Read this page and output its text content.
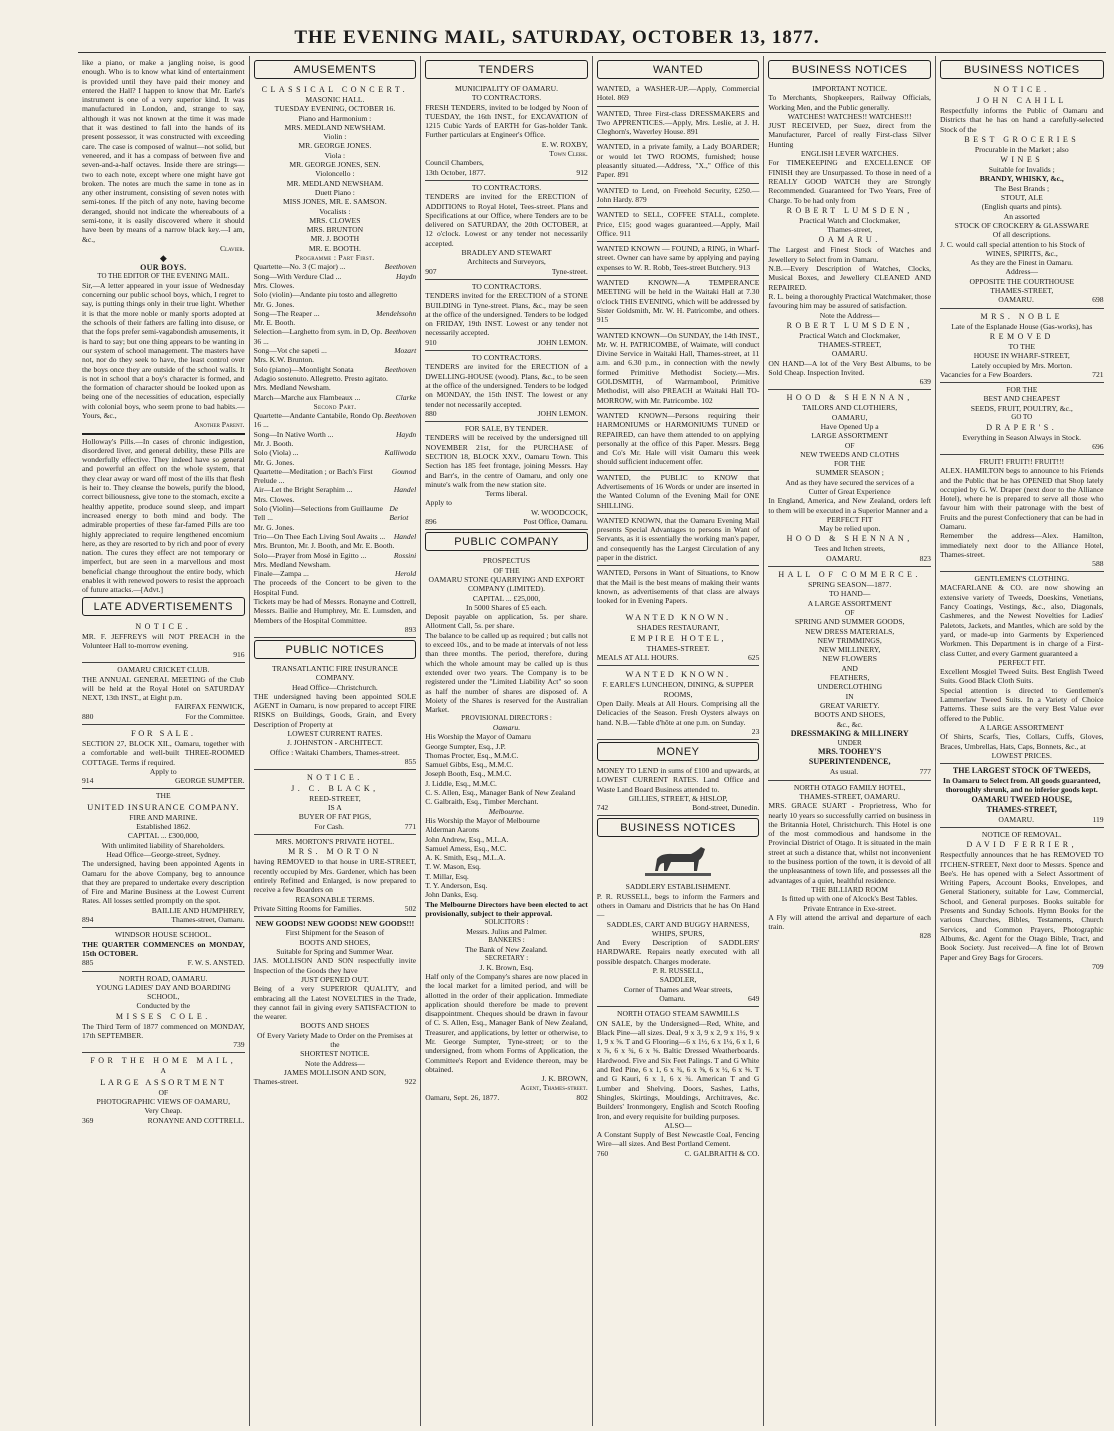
THE EVENING MAIL, SATURDAY, OCTOBER 13, 1877.

like a piano, or make a jangling noise, is good enough. Who is to know what kind of entertainment is provided until they have paid their money and entered the Hall? I happen to know that Mr. Earle's instrument is one of a very superior kind. It was manufactured in London, and, strange to say, although it was not known at the time it was made that it was destined to fall into the hands of its present possessor, it was constructed with exceeding care. The case is composed of walnut—not solid, but veneered, and it has a compass of between five and seven-and-a-half octaves. Inside there are strings—two to each note, except where one might have got broken. The notes are much the same in tone as in any other instrument, consisting of seven notes with semi-tones. If the pitch of any note, having become deranged, should not indicate the whereabouts of a semi-tone, it is easily discovered where it should have been by means of a narrow black key.—I am, &c.,

Clavier.
◆
OUR BOYS.
TO THE EDITOR OF THE EVENING MAIL.

Sir,—A letter appeared in your issue of Wednesday concerning our public school boys, which, I regret to say, is putting things only in their true light. Whether it is that the more noble or manly sports adopted at the schools of their fathers are falling into disuse, or that the fops prefer semi-vagabondish amusements, it is hard to say; but one thing appears to be wanting in our system of school management. The masters have not, nor do they seek to have, the least control over the boys once they are outside of the school walls. It is not in school that a boy's character is formed, and the formation of character should be looked upon as being one of the necessities of education, especially with colonial boys, who seem prone to bad habits.—Yours, &c.,

Another Parent.

Holloway's Pills.—In cases of chronic indigestion, disordered liver, and general debility, these Pills are wonderfully effective. They indeed have so general and powerful an effect on the whole system, that they clear away or ward off most of the ills that flesh is heir to. They cleanse the bowels, purify the blood, correct biliousness, give tone to the stomach, excite a healthy appetite, produce sound sleep, and impart increased energy to both mind and body. The admirable properties of these far-famed Pills are too highly appreciated to require lengthened encomium here, as they are resorted to by rich and poor of every nation. The cures they effect are not temporary or imperfect, but are seen in a marvellous and most beneficial change throughout the entire body, which enables it with renewed powers to resist the approach of future attacks.—[Advt.]

LATE ADVERTISEMENTS
NOTICE.

MR. F. JEFFREYS will NOT PREACH in the Volunteer Hall to-morrow evening.

916
OAMARU CRICKET CLUB.

THE ANNUAL GENERAL MEETING of the Club will be held at the Royal Hotel on SATURDAY NEXT, 13th INST., at Eight p.m.

FAIRFAX FENWICK,
880	For the Committee.
FOR SALE.

SECTION 27, BLOCK XII., Oamaru, together with a comfortable and well-built THREE-ROOMED COTTAGE. Terms if required.

Apply to
914	GEORGE SUMPTER.
THE
UNITED INSURANCE COMPANY.
FIRE AND MARINE.
Established 1862.
CAPITAL ... £300,000,
With unlimited liability of Shareholders.
Head Office—George-street, Sydney.

The undersigned, having been appointed Agents in Oamaru for the above Company, beg to announce that they are prepared to undertake every description of Fire and Marine Business at the Lowest Current Rates. All losses settled promptly on the spot.

BAILLIE AND HUMPHREY,
894	Thames-street, Oamaru.
WINDSOR HOUSE SCHOOL.

THE QUARTER COMMENCES on MONDAY, 15th OCTOBER.

885	F. W. S. ANSTED.
NORTH ROAD, OAMARU.
YOUNG LADIES' DAY AND BOARDING SCHOOL,
Conducted by the
MISSES COLE.

The Third Term of 1877 commenced on MONDAY, 17th SEPTEMBER.

739
FOR THE HOME MAIL,
A
LARGE ASSORTMENT
OF
PHOTOGRAPHIC VIEWS OF OAMARU,
Very Cheap.
369	RONAYNE AND COTTRELL.
AMUSEMENTS
CLASSICAL CONCERT.
MASONIC HALL.
TUESDAY EVENING, OCTOBER 16.
Piano and Harmonium :
MRS. MEDLAND NEWSHAM.
Violin :
MR. GEORGE JONES.
Viola :
MR. GEORGE JONES, SEN.
Violoncello :
MR. MEDLAND NEWSHAM.
Duett Piano :
MISS JONES, MR. E. SAMSON.
Vocalists :
MRS. CLOWES
MRS. BRUNTON
MR. J. BOOTH
MR. E. BOOTH.
Programme : Part First.
Quartette—No. 3 (C major) ...	Beethoven
Song—With Verdure Clad ...	Haydn
Mrs. Clowes.
Solo (violin)—Andante piu tosto and allegretto
Mr. G. Jones.
Song—The Reaper ...	Mendelssohn
Mr. E. Booth.
Selection—Larghetto from sym. in D, Op. 36 ...
Beethoven
Song—Vot che sapeti ...	Mozart
Mrs. K.W. Brunton.
Solo (piano)—Moonlight Sonata	Beethoven
Adagio sostenuto. Allegretto. Presto agitato.
Mrs. Medland Newsham.
March—Marche aux Flambeaux ...	Clarke
Second Part.
Quartette—Andante Cantabile, Rondo Op. 16 ...
Beethoven
Song—In Native Worth ...	Haydn
Mr. J. Booth.
Solo (Viola) ...	Kalliwoda
Mr. G. Jones.
Quartette—Meditation ; or Bach's First Prelude ...
Gounod
Air—Let the Bright Seraphim ...	Handel
Mrs. Clowes.
Solo (Violin)—Selections from Guillaume Tell ...
De Beriot
Mr. G. Jones.
Trio—On Thee Each Living Soul Awaits ... Handel
Mrs. Brunton, Mr. J. Booth, and Mr. E. Booth.
Solo—Prayer from Mosé in Egitto ...	Rossini
Mrs. Medland Newsham.
Finale—Zampa ...	Herold

The proceeds of the Concert to be given to the Hospital Fund.

Tickets may be had of Messrs. Ronayne and Cottrell, Messrs. Bailie and Humphrey, Mr. E. Lumsden, and Members of the Hospital Committee.

893
PUBLIC NOTICES
TRANSATLANTIC FIRE INSURANCE COMPANY.
Head Office—Christchurch.

THE undersigned having been appointed SOLE AGENT in Oamaru, is now prepared to accept FIRE RISKS on Buildings, Goods, Grain, and Every Description of Property at

LOWEST CURRENT RATES.
J. JOHNSTON - ARCHITECT.
Office : Waitaki Chambers, Thames-street.
855
NOTICE.
J. C. BLACK,
REED-STREET,
IS A
BUYER OF FAT PIGS,
For Cash.	771
MRS. MORTON'S PRIVATE HOTEL.
MRS. MORTON

having REMOVED to that house in URE-STREET, recently occupied by Mrs. Gardener, which has been entirely Refitted and Enlarged, is now prepared to receive a few Boarders on

REASONABLE TERMS.
Private Sitting Rooms for Families.	502
NEW GOODS! NEW GOODS! NEW GOODS!!!
First Shipment for the Season of
BOOTS AND SHOES,
Suitable for Spring and Summer Wear.

JAS. MOLLISON AND SON respectfully invite Inspection of the Goods they have

JUST OPENED OUT.

Being of a very SUPERIOR QUALITY, and embracing all the Latest NOVELTIES in the Trade, they cannot fail in giving every SATISFACTION to the wearer.

BOOTS AND SHOES
Of Every Variety Made to Order on the Premises at the
SHORTEST NOTICE.
Note the Address—
JAMES MOLLISON AND SON,
Thames-street.	922
TENDERS
MUNICIPALITY OF OAMARU.
TO CONTRACTORS.

FRESH TENDERS, invited to be lodged by Noon of TUESDAY, the 16th INST., for EXCAVATION of 1215 Cubic Yards of EARTH for Gas-holder Tank. Further particulars at Engineer's Office.

E. W. ROXBY,
Town Clerk.
Council Chambers,
13th October, 1877.	912
TO CONTRACTORS.

TENDERS are invited for the ERECTION of ADDITIONS to Royal Hotel, Tees-street. Plans and Specifications at our Office, where Tenders are to be delivered on SATURDAY, the 20th OCTOBER, at 12 o'clock. Lowest or any tender not necessarily accepted.

BRADLEY AND STEWART
Architects and Surveyors,
907	Tyne-street.
TO CONTRACTORS.

TENDERS invited for the ERECTION of a STONE BUILDING in Tyne-street. Plans, &c., may be seen at the office of the undersigned. Tenders to be lodged on FRIDAY, 19th INST. Lowest or any tender not necessarily accepted.

910	JOHN LEMON.
TO CONTRACTORS.

TENDERS are invited for the ERECTION of a DWELLING-HOUSE (wood). Plans, &c., to be seen at the office of the undersigned. Tenders to be lodged on MONDAY, the 15th INST. The lowest or any tender not necessarily accepted.

880	JOHN LEMON.
FOR SALE, BY TENDER.

TENDERS will be received by the undersigned till NOVEMBER 21st, for the PURCHASE of SECTION 18, BLOCK XXV., Oamaru Town. This Section has 185 feet frontage, joining Messrs. Hay and Barr's, in the centre of Oamaru, and only one minute's walk from the new station site.

Terms liberal.
Apply to
W. WOODCOCK,
896	Post Office, Oamaru.
PUBLIC COMPANY
PROSPECTUS
OF THE
OAMARU STONE QUARRYING AND EXPORT COMPANY (LIMITED).
CAPITAL ... £25,000,
In 5000 Shares of £5 each.

Deposit payable on application, 5s. per share. Allotment Call, 5s. per share.

The balance to be called up as required ; but calls not to exceed 10s., and to be made at intervals of not less than three months. The period, therefore, during which the whole amount may be called up is thus extended over two years. The Company is to be registered under the "Limited Liability Act" so soon as half the number of shares are disposed of. A Moiety of the Shares is reserved for the Australian Market.

PROVISIONAL DIRECTORS :
Oamaru.
His Worship the Mayor of Oamaru
George Sumpter, Esq., J.P.
Thomas Procter, Esq., M.M.C.
Samuel Gibbs, Esq., M.M.C.
Joseph Booth, Esq., M.M.C.
J. Liddle, Esq., M.M.C.
C. S. Allen, Esq., Manager Bank of New Zealand
C. Galbraith, Esq., Timber Merchant.
Melbourne.
His Worship the Mayor of Melbourne
Alderman Aarons
John Andrew, Esq., M.L.A.
Samuel Amess, Esq., M.C.
A. K. Smith, Esq., M.L.A.
T. W. Mason, Esq.
T. Millar, Esq.
T. Y. Anderson, Esq.
John Danks, Esq.

The Melbourne Directors have been elected to act provisionally, subject to their approval.

SOLICITORS :
Messrs. Julius and Palmer.
BANKERS :
The Bank of New Zealand.
SECRETARY :
J. K. Brown, Esq.

Half only of the Company's shares are now placed in the local market for a limited period, and will be allotted in the order of their application. Immediate application should therefore be made to prevent disappointment. Cheques should be drawn in favour of C. S. Allen, Esq., Manager Bank of New Zealand, Treasurer, and applications, by letter or otherwise, to Mr. George Sumpter, Tyne-street; or to the undersigned, from whom Forms of Application, the Committee's Report and Evidence thereon, may be obtained.

J. K. BROWN,
Agent, Thames-street.
Oamaru, Sept. 26, 1877.	802
WANTED

WANTED, a WASHER-UP.—Apply, Commercial Hotel. 869

WANTED, Three First-class DRESSMAKERS and Two APPRENTICES.—Apply, Mrs. Leslie, at J. H. Cleghorn's, Waverley House. 891

WANTED, in a private family, a Lady BOARDER; or would let TWO ROOMS, furnished; house pleasantly situated.—Address, "X.," Office of this Paper. 891

WANTED to Lend, on Freehold Security, £250.—John Hardy. 879

WANTED to SELL, COFFEE STALL, complete. Price, £15; good wages guaranteed.—Apply, Mail Office. 911

WANTED KNOWN — FOUND, a RING, in Wharf-street. Owner can have same by applying and paying expenses to W. R. Robb, Tees-street Butchery. 913

WANTED KNOWN—A TEMPERANCE MEETING will be held in the Waitaki Hall at 7.30 o'clock THIS EVENING, which will be addressed by Sister Goldsmith, Mr. W. H. Patricombe, and others. 915

WANTED KNOWN—On SUNDAY, the 14th INST., Mr. W. H. PATRICOMBE, of Waimate, will conduct Divine Service in Waitaki Hall, Thames-street, at 11 a.m. and 6.30 p.m., in connection with the newly formed Primitive Methodist Society.—Mrs. GOLDSMITH, of Warrnambool, Primitive Methodist, will also PREACH at Waitaki Hall TO-MORROW, with Mr. Patricombe. 102

WANTED KNOWN—Persons requiring their HARMONIUMS or HARMONIUMS TUNED or REPAIRED, can have them attended to on applying personally at the office of this Paper. Messrs. Begg and Co's Mr. Hale will visit Oamaru this week should sufficient inducement offer.

WANTED, the PUBLIC to KNOW that Advertisements of 16 Words or under are inserted in the Wanted Column of the Evening Mail for ONE SHILLING.

WANTED KNOWN, that the Oamaru Evening Mail presents Special Advantages to persons in Want of Servants, as it is essentially the working man's paper, and consequently has the Largest Circulation of any paper in the district.

WANTED, Persons in Want of Situations, to Know that the Mail is the best means of making their wants known, as advertisements of that class are always looked for in Evening Papers.

WANTED KNOWN.
SHADES RESTAURANT,
EMPIRE HOTEL,
THAMES-STREET.
MEALS AT ALL HOURS.	625
WANTED KNOWN.
F. EARLE'S LUNCHEON, DINING, & SUPPER ROOMS,

Open Daily. Meals at All Hours. Comprising all the Delicacies of the Season. Fresh Oysters always on hand. N.B.—Table d'hôte at one p.m. on Sunday.

23
MONEY

MONEY TO LEND in sums of £100 and upwards, at LOWEST CURRENT RATES. Land Office and Waste Land Board Business attended to.

GILLIES, STREET, & HISLOP,
742	Bond-street, Dunedin.
BUSINESS NOTICES
SADDLERY ESTABLISHMENT.

P. R. RUSSELL, begs to inform the Farmers and others in Oamaru and Districts that he has On Hand—

SADDLES, CART AND BUGGY HARNESS, WHIPS, SPURS,

And Every Description of SADDLERS' HARDWARE. Repairs neatly executed with all possible despatch. Charges moderate.

P. R. RUSSELL,
SADDLER,
Corner of Thames and Wear streets,
Oamaru.	649
NORTH OTAGO STEAM SAWMILLS

ON SALE, by the Undersigned—Red, White, and Black Pine—all sizes. Deal, 9 x 3, 9 x 2, 9 x 1½, 9 x 1, 9 x ⅝. T and G Flooring—6 x 1½, 6 x 1¼, 6 x 1, 6 x ⅞, 6 x ¾, 6 x ⅝. Baltic Dressed Weatherboards. Hardwood. Five and Six Feet Palings. T and G White and Red Pine, 6 x 1, 6 x ¾, 6 x ⅝, 6 x ½, 6 x ⅜. T and G Kauri, 6 x 1, 6 x ¾. American T and G Lumber and Shelving. Doors, Sashes, Laths, Shingles, Skirtings, Mouldings, Architraves, &c. Builders' Ironmongery, English and Scotch Roofing Iron, and every requisite for building purposes.

ALSO—

A Constant Supply of Best Newcastle Coal, Fencing Wire—all sizes. And Best Portland Cement.

760	C. GALBRAITH & CO.
BUSINESS NOTICES
IMPORTANT NOTICE.

To Merchants, Shopkeepers, Railway Officials, Working Men, and the Public generally.

WATCHES! WATCHES!! WATCHES!!!

JUST RECEIVED, per Suez, direct from the Manufacturer, Parcel of really First-class Silver Hunting

ENGLISH LEVER WATCHES.

For TIMEKEEPING and EXCELLENCE OF FINISH they are Unsurpassed. To those in need of a REALLY GOOD WATCH they are Strongly Recommended. Guaranteed for Two Years, Free of Charge. To be had only from

ROBERT LUMSDEN,
Practical Watch and Clockmaker,
Thames-street,
OAMARU.

The Largest and Finest Stock of Watches and Jewellery to Select from in Oamaru.

N.B.—Every Description of Watches, Clocks, Musical Boxes, and Jewellery CLEANED AND REPAIRED.

R. L. being a thoroughly Practical Watchmaker, those favouring him may be assured of satisfaction.

Note the Address—
ROBERT LUMSDEN,
Practical Watch and Clockmaker,
THAMES-STREET,
OAMARU.

ON HAND—A lot of the Very Best Albums, to be Sold Cheap. Inspection Invited.

639
HOOD & SHENNAN,
TAILORS AND CLOTHIERS,
OAMARU,
Have Opened Up a
LARGE ASSORTMENT
OF
NEW TWEEDS AND CLOTHS
FOR THE
SUMMER SEASON ;
And as they have secured the services of a
Cutter of Great Experience

In England, America, and New Zealand, orders left to them will be executed in a Superior Manner and a

PERFECT FIT
May be relied upon.
HOOD & SHENNAN,
Tees and Itchen streets,
OAMARU.	823
HALL OF COMMERCE.
SPRING SEASON—1877.
TO HAND—
A LARGE ASSORTMENT
OF
SPRING AND SUMMER GOODS,
NEW DRESS MATERIALS,
NEW TRIMMINGS,
NEW MILLINERY,
NEW FLOWERS
AND
FEATHERS,
UNDERCLOTHING
IN
GREAT VARIETY.
BOOTS AND SHOES,
&c., &c.
DRESSMAKING & MILLINERY
UNDER
MRS. TOOHEY'S
SUPERINTENDENCE,
As usual.	777
NORTH OTAGO FAMILY HOTEL,
THAMES-STREET, OAMARU.

MRS. GRACE SUART - Proprietress, Who for nearly 10 years so successfully carried on business in the Britannia Hotel, Christchurch. This Hotel is one of the most commodious and handsome in the Provincial District of Otago. It is situated in the main street at such a distance that, whilst not inconvenient to the business portion of the town, it is devoid of all the unpleasantness of town life, and possesses all the advantages of a quiet, healthful residence.

THE BILLIARD ROOM
Is fitted up with one of Alcock's Best Tables.
Private Entrance in Exe-street.

A Fly will attend the arrival and departure of each train.

828
BUSINESS NOTICES
NOTICE.
JOHN CAHILL

Respectfully informs the Public of Oamaru and Districts that he has on hand a carefully-selected Stock of the

BEST GROCERIES
Procurable in the Market ; also
WINES
Suitable for Invalids ;
BRANDY, WHISKY, &c.,
The Best Brands ;
STOUT, ALE
(English quarts and pints).
An assorted
STOCK OF CROCKERY & GLASSWARE
Of all descriptions.

J. C. would call special attention to his Stock of

WINES, SPIRITS, &c.,
As they are the Finest in Oamaru.
Address—
OPPOSITE THE COURTHOUSE
THAMES-STREET,
OAMARU.	698
MRS. NOBLE
Late of the Esplanade House (Gas-works), has
REMOVED
TO THE
HOUSE IN WHARF-STREET,
Lately occupied by Mrs. Morton.
Vacancies for a Few Boarders.	721
FOR THE
BEST AND CHEAPEST
SEEDS, FRUIT, POULTRY, &c.,
GO TO
DRAPER'S.
Everything in Season Always in Stock.
696
FRUIT! FRUIT!! FRUIT!!!

ALEX. HAMILTON begs to announce to his Friends and the Public that he has OPENED that Shop lately occupied by G. W. Draper (next door to the Alliance Hotel), where he is prepared to serve all those who favour him with their patronage with the best of Fruits and the purest Confectionery that can be had in Oamaru.

Remember the address—Alex. Hamilton, immediately next door to the Alliance Hotel, Thames-street.

588
GENTLEMEN'S CLOTHING.

MACFARLANE & CO. are now showing an extensive variety of Tweeds, Doeskins, Venetians, Fancy Coatings, Vestings, &c., also, Diagonals, Cashmeres, and the Newest Novelties for Ladies' Paletots, Jackets, and Mantles, which are sold by the yard, or made-up into Garments by Experienced Workmen. This Department is in charge of a First-class Cutter, and every Garment guaranteed a

PERFECT FIT.

Excellent Mosgiel Tweed Suits. Best English Tweed Suits. Good Black Cloth Suits.

Special attention is directed to Gentlemen's Lammerlaw Tweed Suits. In a Variety of Choice Patterns. These suits are the very Best Value ever offered to the Public.

A LARGE ASSORTMENT

Of Shirts, Scarfs, Ties, Collars, Cuffs, Gloves, Braces, Umbrellas, Hats, Caps, Bonnets, &c., at

LOWEST PRICES.
THE LARGEST STOCK OF TWEEDS,

In Oamaru to Select from. All goods guaranteed, thoroughly shrunk, and no inferior goods kept.

OAMARU TWEED HOUSE,
THAMES-STREET,
OAMARU.	119
NOTICE OF REMOVAL.
DAVID FERRIER,

Respectfully announces that he has REMOVED TO ITCHEN-STREET, Next door to Messrs. Spence and Bee's. He has opened with a Select Assortment of Writing Papers, Account Books, Envelopes, and General Stationery, suitable for Law, Commercial, School, and General purposes. Books suitable for Presents and Sunday Schools. Hymn Books for the various Churches, Bibles, Testaments, Church Services, and Common Prayers, Photographic Albums, &c. Agent for the Otago Bible, Tract, and Book Society. Just received—A fine lot of Brown Paper and Grey Bags for Grocers.

709
